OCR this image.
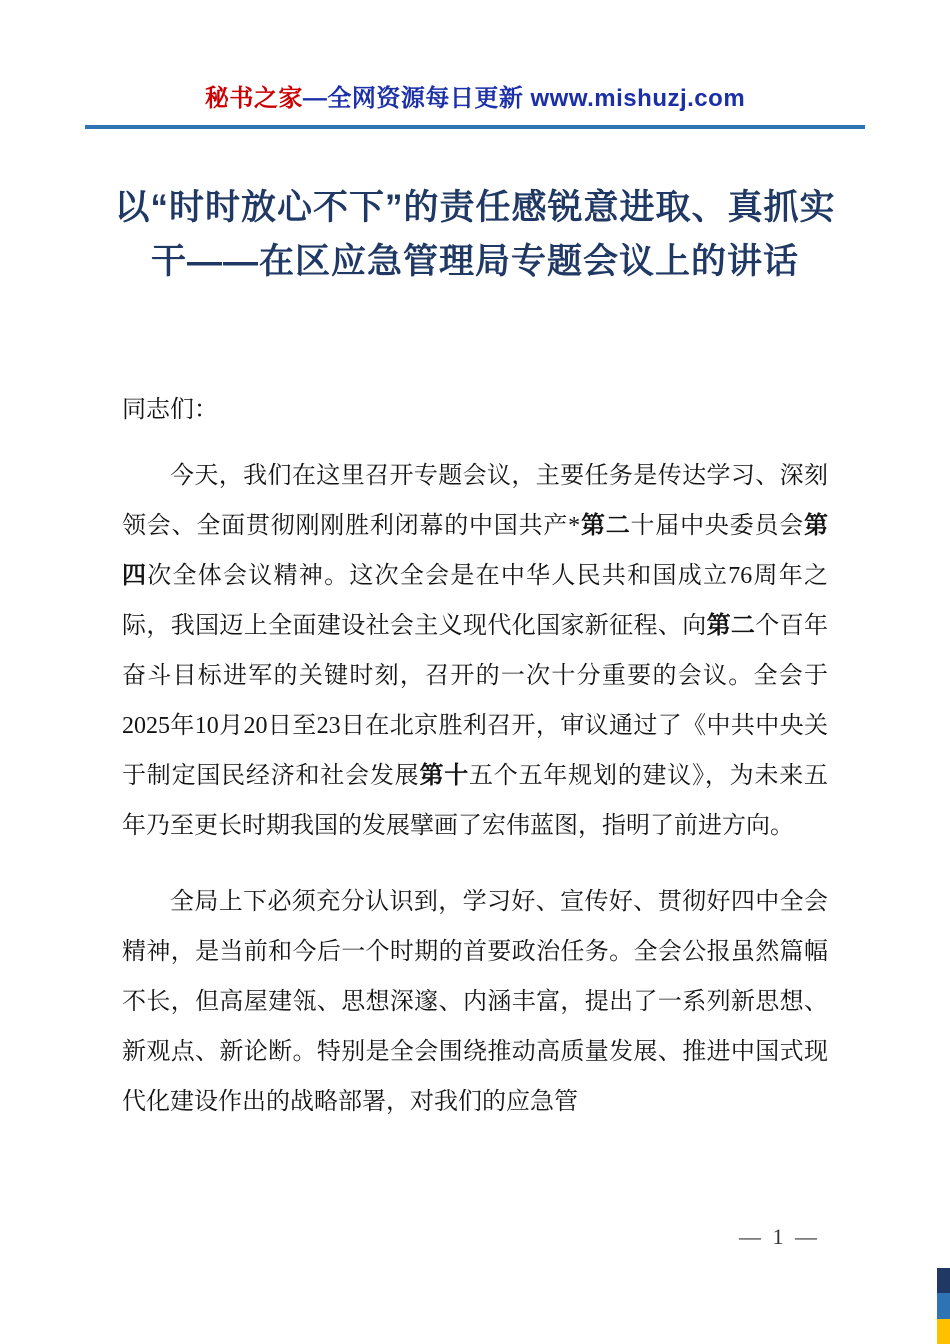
秘书之家—全网资源每日更新 www.mishuzj.com
以“时时放心不下”的责任感锐意进取、真抓实干——在区应急管理局专题会议上的讲话

同志们：

今天，我们在这里召开专题会议，主要任务是传达学习、深刻领会、全面贯彻刚刚胜利闭幕的中国共产*第二十届中央委员会第四次全体会议精神。这次全会是在中华人民共和国成立76周年之际，我国迈上全面建设社会主义现代化国家新征程、向第二个百年奋斗目标进军的关键时刻，召开的一次十分重要的会议。全会于2025年10月20日至23日在北京胜利召开，审议通过了《中共中央关于制定国民经济和社会发展第十五个五年规划的建议》，为未来五年乃至更长时期我国的发展擘画了宏伟蓝图，指明了前进方向。

全局上下必须充分认识到，学习好、宣传好、贯彻好四中全会精神，是当前和今后一个时期的首要政治任务。全会公报虽然篇幅不长，但高屋建瓴、思想深邃、内涵丰富，提出了一系列新思想、新观点、新论断。特别是全会围绕推动高质量发展、推进中国式现代化建设作出的战略部署，对我们的应急管

— 1 —
